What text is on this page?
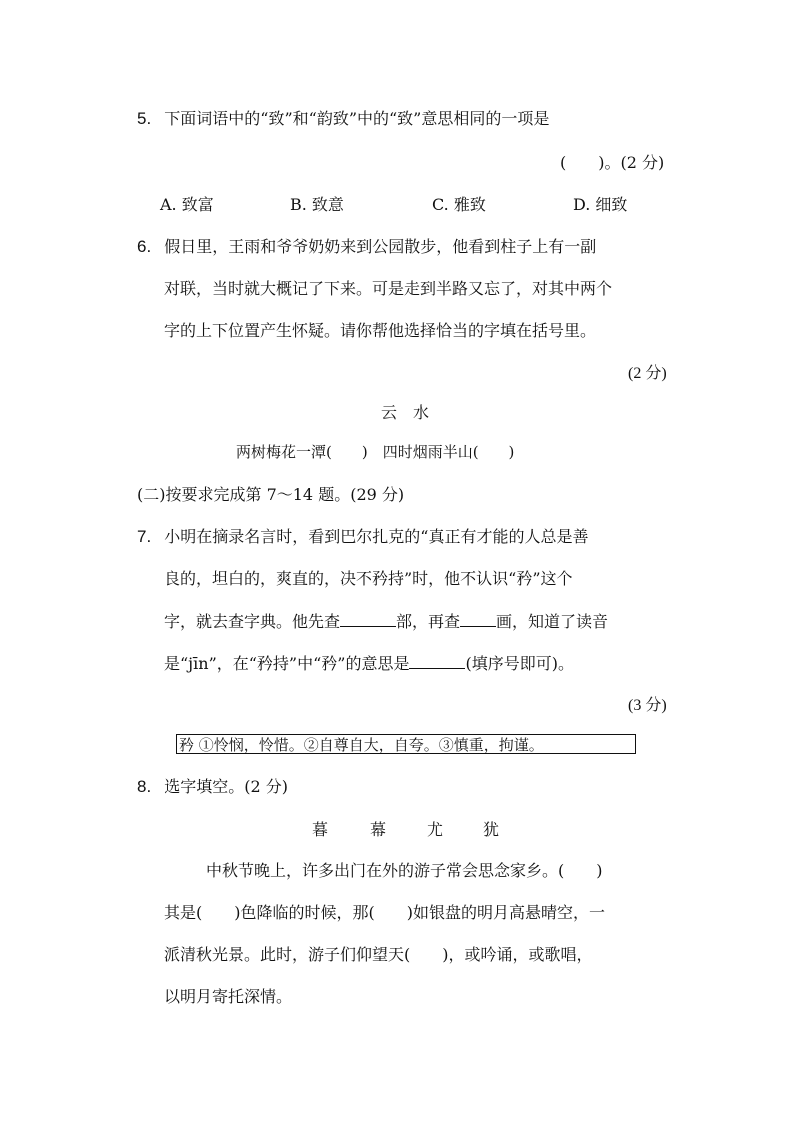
5. 下面词语中的“致”和“韵致”中的“致”意思相同的一项是
(　　)。(2 分)
A. 致富	B. 致意	C. 雅致	D. 细致
6. 假日里，王雨和爷爷奶奶来到公园散步，他看到柱子上有一副
对联，当时就大概记了下来。可是走到半路又忘了，对其中两个
字的上下位置产生怀疑。请你帮他选择恰当的字填在括号里。
(2 分)
云　水
两树梅花一潭(　　)　四时烟雨半山(　　)
(二)按要求完成第 7～14 题。(29 分)
7. 小明在摘录名言时，看到巴尔扎克的“真正有才能的人总是善
良的，坦白的，爽直的，决不矜持”时，他不认识“矜”这个
字，就去查字典。他先查	部，再查 画，知道了读音
是“jīn”，在“矜持”中“矜”的意思是	(填序号即可)。
(3 分)
矜 ①怜悯，怜惜。②自尊自大，自夸。③慎重，拘谨。
8. 选字填空。(2 分)
暮	幕	尤 犹
中秋节晚上，许多出门在外的游子常会思念家乡。(　　)
其是(　　)色降临的时候，那(　　)如银盘的明月高悬晴空，一
派清秋光景。此时，游子们仰望天(　　)，或吟诵，或歌唱，
以明月寄托深情。
